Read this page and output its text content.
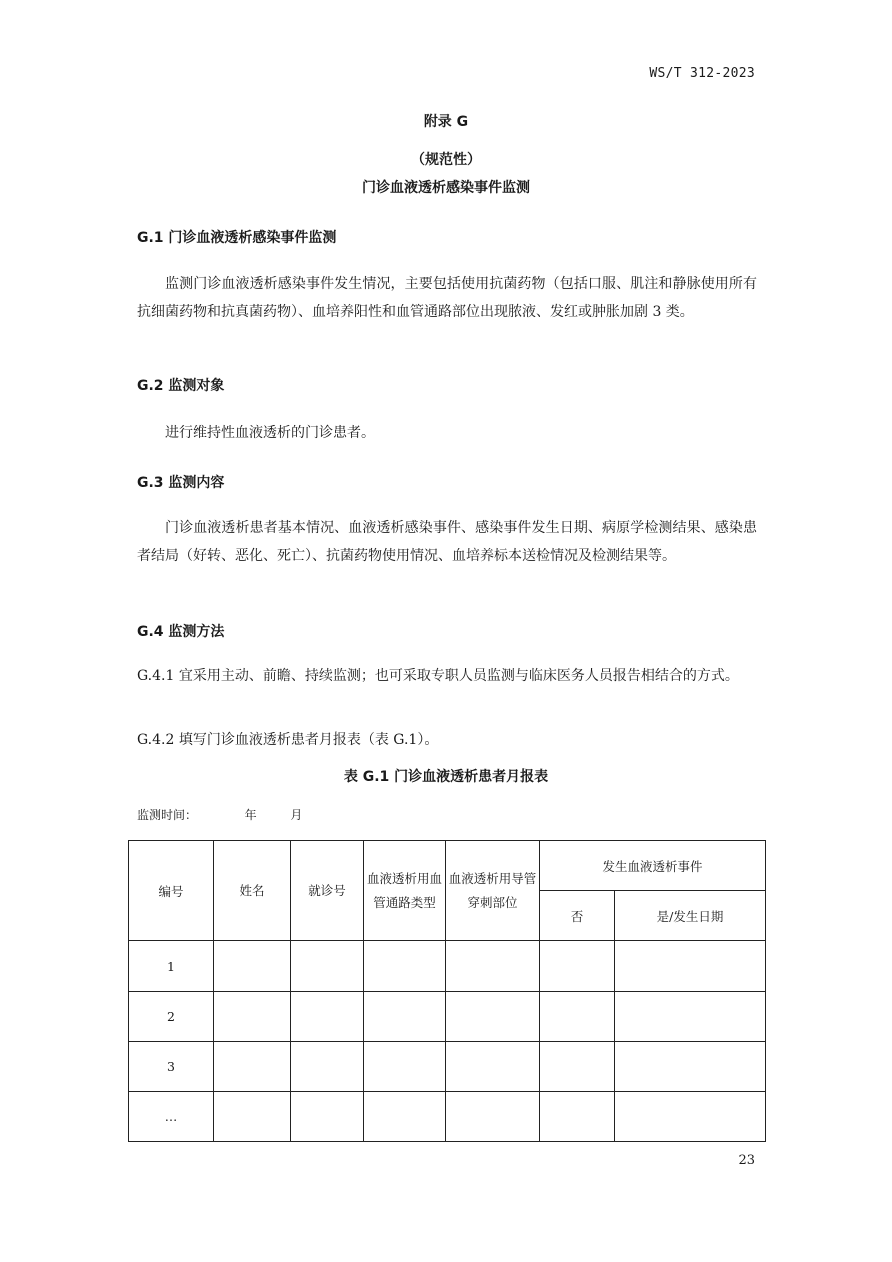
WS/T 312-2023
附录 G
（规范性）
门诊血液透析感染事件监测
G.1 门诊血液透析感染事件监测
监测门诊血液透析感染事件发生情况，主要包括使用抗菌药物（包括口服、肌注和静脉使用所有抗细菌药物和抗真菌药物）、血培养阳性和血管通路部位出现脓液、发红或肿胀加剧 3 类。
G.2 监测对象
进行维持性血液透析的门诊患者。
G.3 监测内容
门诊血液透析患者基本情况、血液透析感染事件、感染事件发生日期、病原学检测结果、感染患者结局（好转、恶化、死亡）、抗菌药物使用情况、血培养标本送检情况及检测结果等。
G.4 监测方法
G.4.1 宜采用主动、前瞻、持续监测；也可采取专职人员监测与临床医务人员报告相结合的方式。
G.4.2 填写门诊血液透析患者月报表（表 G.1）。
表 G.1 门诊血液透析患者月报表
监测时间：	年	月
编号	姓名	就诊号	血液透析用血管通路类型	血液透析用导管穿刺部位	发生血液透析事件	
					否	是/发生日期
1						
2						
3						
…						
23
